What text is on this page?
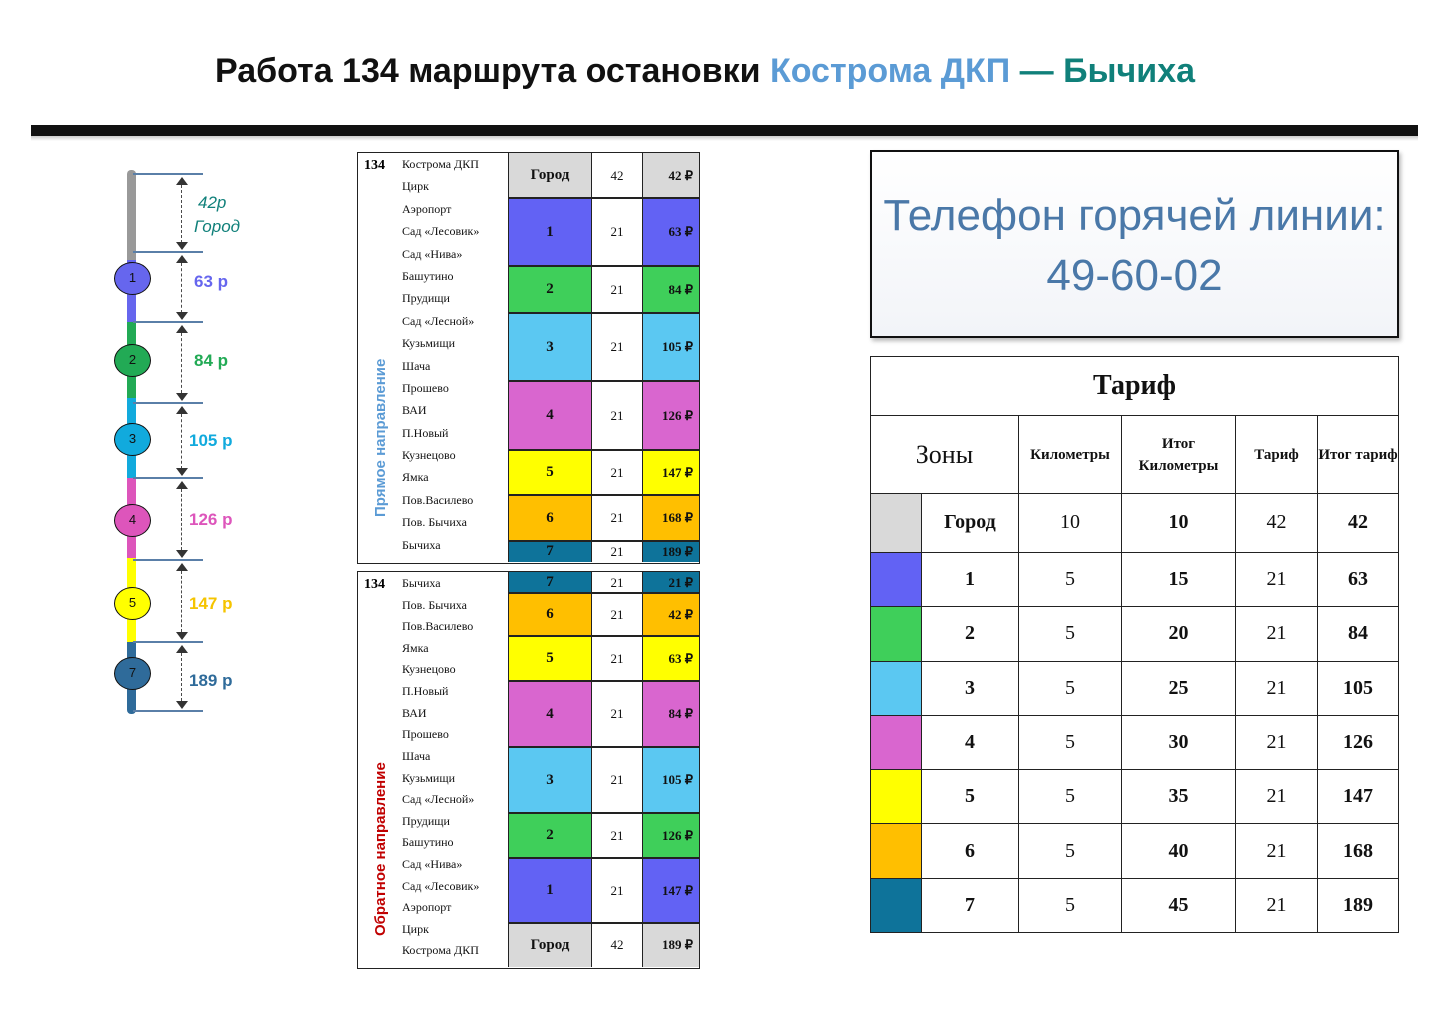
Работа 134 маршрута остановки Кострома ДКП — Бычиха
42р
Город
63 р
84 р
105 р
126 р
147 р
189 р
1
2
3
4
5
7
134
Прямое направление
Кострома ДКП
Цирк
Аэропорт
Сад «Лесовик»
Сад «Нива»
Башутино
Прудищи
Сад «Лесной»
Кузьмищи
Шача
Прошево
ВАИ
П.Новый
Кузнецово
Ямка
Пов.Василево
Пов. Бычиха
Бычиха
Город	42	42 ₽
1	21	63 ₽
2	21	84 ₽
3	21	105 ₽
4	21	126 ₽
5	21	147 ₽
6	21	168 ₽
7	21	189 ₽
134
Обратное направление
Бычиха
Пов. Бычиха
Пов.Василево
Ямка
Кузнецово
П.Новый
ВАИ
Прошево
Шача
Кузьмищи
Сад «Лесной»
Прудищи
Башутино
Сад «Нива»
Сад «Лесовик»
Аэропорт
Цирк
Кострома ДКП
7	21	21 ₽
6	21	42 ₽
5	21	63 ₽
4	21	84 ₽
3	21	105 ₽
2	21	126 ₽
1	21	147 ₽
Город	42	189 ₽
Телефон горячей линии: 49-60-02
Тариф					
Зоны		Километры	Итог Километры	Тариф	Итог тариф
	Город	10	10	42	42
	1	5	15	21	63
	2	5	20	21	84
	3	5	25	21	105
	4	5	30	21	126
	5	5	35	21	147
	6	5	40	21	168
	7	5	45	21	189
